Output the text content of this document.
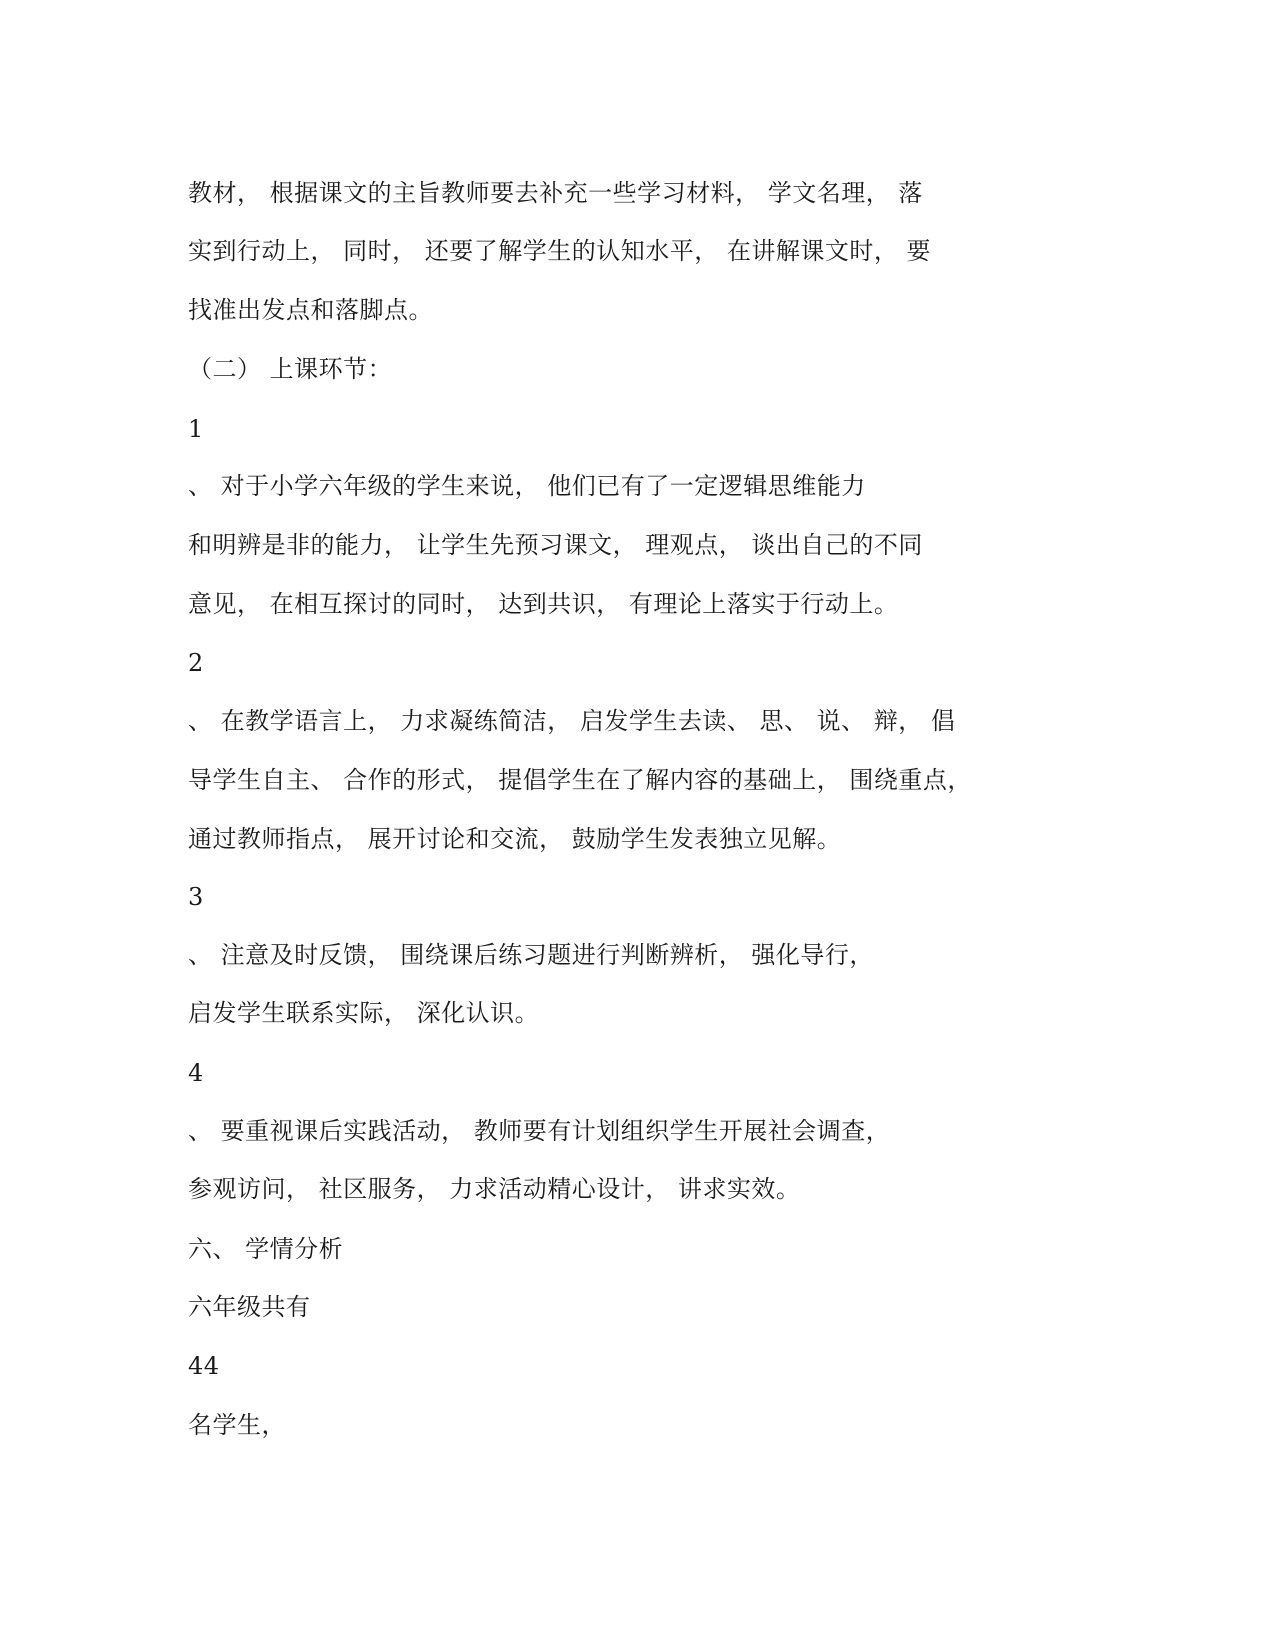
教材， 根据课文的主旨教师要去补充一些学习材料， 学文名理， 落
实到行动上， 同时， 还要了解学生的认知水平， 在讲解课文时， 要
找准出发点和落脚点。
（二） 上课环节：
1
、 对于小学六年级的学生来说， 他们已有了一定逻辑思维能力
和明辨是非的能力， 让学生先预习课文， 理观点， 谈出自己的不同
意见， 在相互探讨的同时， 达到共识， 有理论上落实于行动上。
2
、 在教学语言上， 力求凝练简洁， 启发学生去读、 思、 说、 辩， 倡
导学生自主、 合作的形式， 提倡学生在了解内容的基础上， 围绕重点，
通过教师指点， 展开讨论和交流， 鼓励学生发表独立见解。
3
、 注意及时反馈， 围绕课后练习题进行判断辨析， 强化导行，
启发学生联系实际， 深化认识。
4
、 要重视课后实践活动， 教师要有计划组织学生开展社会调查，
参观访问， 社区服务， 力求活动精心设计， 讲求实效。
六、 学情分析
六年级共有
44
名学生，
